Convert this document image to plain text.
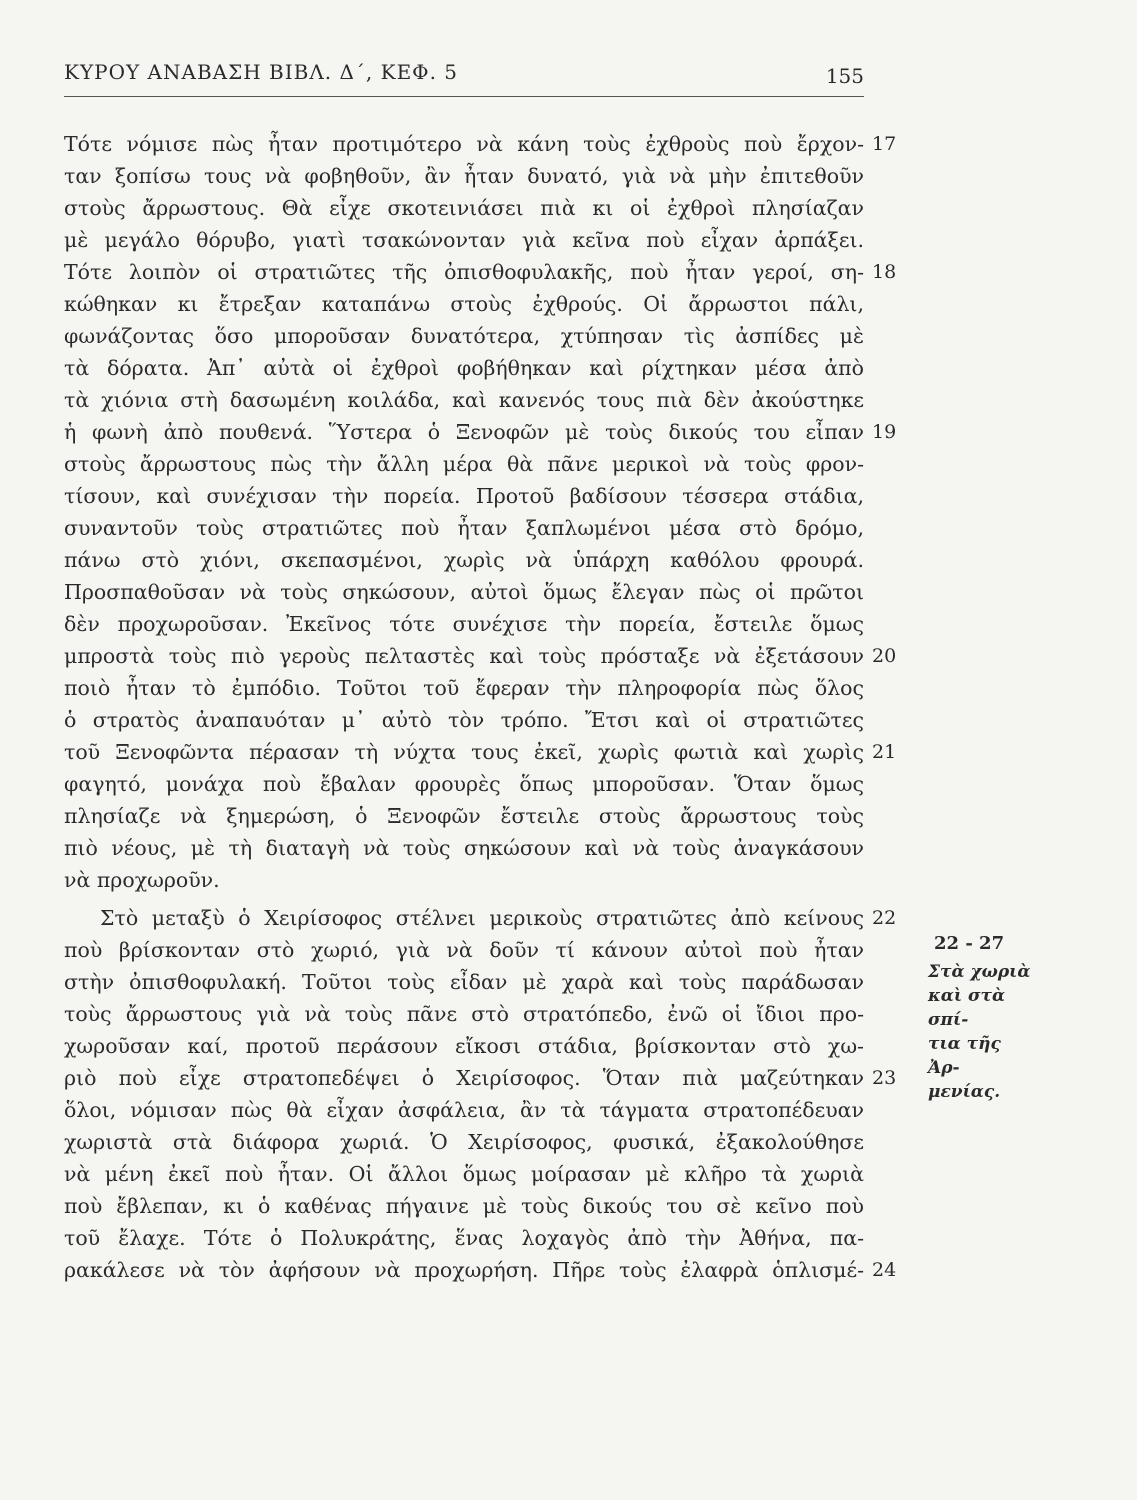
ΚΥΡΟΥ ΑΝΑΒΑΣΗ ΒΙΒΛ. Δ΄, ΚΕΦ. 5	155
Τότε νόμισε πὼς ἦταν προτιμότερο νὰ κάνη τοὺς ἐχθροὺς ποὺ ἔρχον-
ταν ξοπίσω τους νὰ φοβηθοῦν, ἂν ἦταν δυνατό, γιὰ νὰ μὴν ἐπιτεθοῦν
στοὺς ἄρρωστους. Θὰ εἶχε σκοτεινιάσει πιὰ κι οἱ ἐχθροὶ πλησίαζαν
μὲ μεγάλο θόρυβο, γιατὶ τσακώνονταν γιὰ κεῖνα ποὺ εἶχαν ἁρπάξει.
Τότε λοιπὸν οἱ στρατιῶτες τῆς ὀπισθοφυλακῆς, ποὺ ἦταν γεροί, ση-
κώθηκαν κι ἔτρεξαν καταπάνω στοὺς ἐχθρούς. Οἱ ἄρρωστοι πάλι,
φωνάζοντας ὅσο μποροῦσαν δυνατότερα, χτύπησαν τὶς ἀσπίδες μὲ
τὰ δόρατα. Ἀπ᾽ αὐτὰ οἱ ἐχθροὶ φοβήθηκαν καὶ ρίχτηκαν μέσα ἀπὸ
τὰ χιόνια στὴ δασωμένη κοιλάδα, καὶ κανενός τους πιὰ δὲν ἀκούστηκε
ἡ φωνὴ ἀπὸ πουθενά. Ὕστερα ὁ Ξενοφῶν μὲ τοὺς δικούς του εἶπαν
στοὺς ἄρρωστους πὼς τὴν ἄλλη μέρα θὰ πᾶνε μερικοὶ νὰ τοὺς φρον-
τίσουν, καὶ συνέχισαν τὴν πορεία. Προτοῦ βαδίσουν τέσσερα στάδια,
συναντοῦν τοὺς στρατιῶτες ποὺ ἦταν ξαπλωμένοι μέσα στὸ δρόμο,
πάνω στὸ χιόνι, σκεπασμένοι, χωρὶς νὰ ὑπάρχη καθόλου φρουρά.
Προσπαθοῦσαν νὰ τοὺς σηκώσουν, αὐτοὶ ὅμως ἔλεγαν πὼς οἱ πρῶτοι
δὲν προχωροῦσαν. Ἐκεῖνος τότε συνέχισε τὴν πορεία, ἔστειλε ὅμως
μπροστὰ τοὺς πιὸ γεροὺς πελταστὲς καὶ τοὺς πρόσταξε νὰ ἐξετάσουν
ποιὸ ἦταν τὸ ἐμπόδιο. Τοῦτοι τοῦ ἔφεραν τὴν πληροφορία πὼς ὅλος
ὁ στρατὸς ἀναπαυόταν μ᾽ αὐτὸ τὸν τρόπο. Ἔτσι καὶ οἱ στρατιῶτες
τοῦ Ξενοφῶντα πέρασαν τὴ νύχτα τους ἐκεῖ, χωρὶς φωτιὰ καὶ χωρὶς
φαγητό, μονάχα ποὺ ἔβαλαν φρουρὲς ὅπως μποροῦσαν. Ὅταν ὅμως
πλησίαζε νὰ ξημερώση, ὁ Ξενοφῶν ἔστειλε στοὺς ἄρρωστους τοὺς
πιὸ νέους, μὲ τὴ διαταγὴ νὰ τοὺς σηκώσουν καὶ νὰ τοὺς ἀναγκάσουν
νὰ προχωροῦν.
Στὸ μεταξὺ ὁ Χειρίσοφος στέλνει μερικοὺς στρατιῶτες ἀπὸ κείνους
ποὺ βρίσκονταν στὸ χωριό, γιὰ νὰ δοῦν τί κάνουν αὐτοὶ ποὺ ἦταν
στὴν ὀπισθοφυλακή. Τοῦτοι τοὺς εἶδαν μὲ χαρὰ καὶ τοὺς παράδωσαν
τοὺς ἄρρωστους γιὰ νὰ τοὺς πᾶνε στὸ στρατόπεδο, ἐνῶ οἱ ἴδιοι προ-
χωροῦσαν καί, προτοῦ περάσουν εἴκοσι στάδια, βρίσκονταν στὸ χω-
ριὸ ποὺ εἶχε στρατοπεδέψει ὁ Χειρίσοφος. Ὅταν πιὰ μαζεύτηκαν
ὅλοι, νόμισαν πὼς θὰ εἶχαν ἀσφάλεια, ἂν τὰ τάγματα στρατοπέδευαν
χωριστὰ στὰ διάφορα χωριά. Ὁ Χειρίσοφος, φυσικά, ἐξακολούθησε
νὰ μένη ἐκεῖ ποὺ ἦταν. Οἱ ἄλλοι ὅμως μοίρασαν μὲ κλῆρο τὰ χωριὰ
ποὺ ἔβλεπαν, κι ὁ καθένας πήγαινε μὲ τοὺς δικούς του σὲ κεῖνο ποὺ
τοῦ ἔλαχε. Τότε ὁ Πολυκράτης, ἕνας λοχαγὸς ἀπὸ τὴν Ἀθήνα, πα-
ρακάλεσε νὰ τὸν ἀφήσουν νὰ προχωρήση. Πῆρε τοὺς ἐλαφρὰ ὁπλισμέ-
17
18
19
20
21
22
23
24
22 - 27
Στὰ χωριὰ
καὶ στὰ σπί-
τια τῆς Ἀρ-
μενίας.
